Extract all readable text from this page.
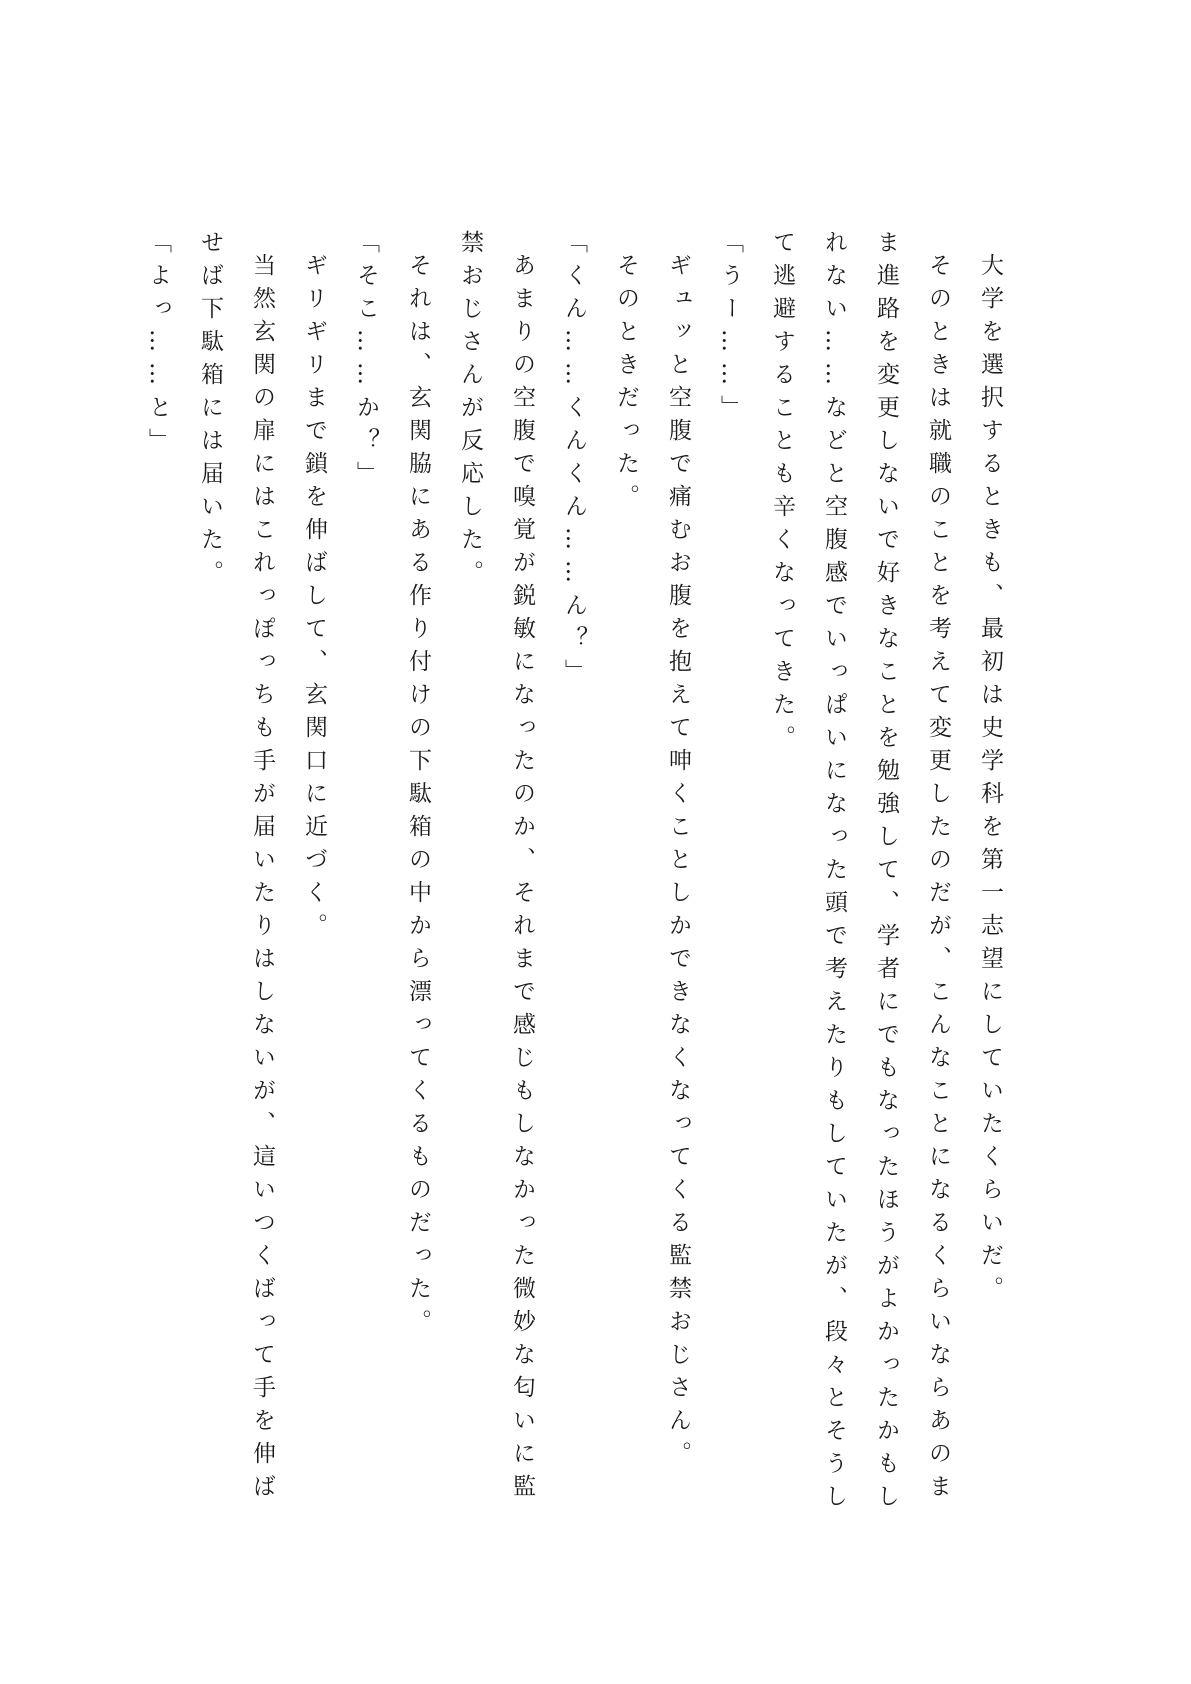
大学を選択するときも、最初は史学科を第一志望にしていたくらいだ。

そのときは就職のことを考えて変更したのだが、こんなことになるくらいならあのまま進路を変更しないで好きなことを勉強して、学者にでもなったほうがよかったかもしれない……などと空腹感でいっぱいになった頭で考えたりもしていたが、段々とそうして逃避することも辛くなってきた。

「うー……」

ギュッと空腹で痛むお腹を抱えて呻くことしかできなくなってくる監禁おじさん。

そのときだった。

「くん……くんくん……ん？」

あまりの空腹で嗅覚が鋭敏になったのか、それまで感じもしなかった微妙な匂いに監禁おじさんが反応した。

それは、玄関脇にある作り付けの下駄箱の中から漂ってくるものだった。

「そこ……か？」

ギリギリまで鎖を伸ばして、玄関口に近づく。

当然玄関の扉にはこれっぽっちも手が届いたりはしないが、這いつくばって手を伸ばせば下駄箱には届いた。

「よっ……と」
